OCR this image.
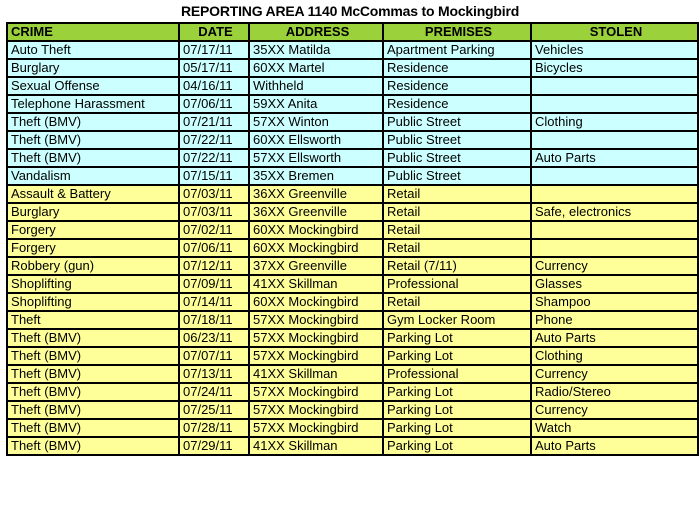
REPORTING AREA 1140 McCommas to Mockingbird
CRIME	DATE	ADDRESS	PREMISES	STOLEN
Auto Theft	07/17/11	35XX Matilda	Apartment Parking	Vehicles
Burglary	05/17/11	60XX Martel	Residence	Bicycles
Sexual Offense	04/16/11	Withheld	Residence	
Telephone Harassment	07/06/11	59XX Anita	Residence	
Theft (BMV)	07/21/11	57XX Winton	Public Street	Clothing
Theft (BMV)	07/22/11	60XX Ellsworth	Public Street	
Theft (BMV)	07/22/11	57XX Ellsworth	Public Street	Auto Parts
Vandalism	07/15/11	35XX Bremen	Public Street	
Assault & Battery	07/03/11	36XX Greenville	Retail	
Burglary	07/03/11	36XX Greenville	Retail	Safe, electronics
Forgery	07/02/11	60XX Mockingbird	Retail	
Forgery	07/06/11	60XX Mockingbird	Retail	
Robbery (gun)	07/12/11	37XX Greenville	Retail (7/11)	Currency
Shoplifting	07/09/11	41XX Skillman	Professional	Glasses
Shoplifting	07/14/11	60XX Mockingbird	Retail	Shampoo
Theft	07/18/11	57XX Mockingbird	Gym Locker Room	Phone
Theft (BMV)	06/23/11	57XX Mockingbird	Parking Lot	Auto Parts
Theft (BMV)	07/07/11	57XX Mockingbird	Parking Lot	Clothing
Theft (BMV)	07/13/11	41XX Skillman	Professional	Currency
Theft (BMV)	07/24/11	57XX Mockingbird	Parking Lot	Radio/Stereo
Theft (BMV)	07/25/11	57XX Mockingbird	Parking Lot	Currency
Theft (BMV)	07/28/11	57XX Mockingbird	Parking Lot	Watch
Theft (BMV)	07/29/11	41XX Skillman	Parking Lot	Auto Parts
